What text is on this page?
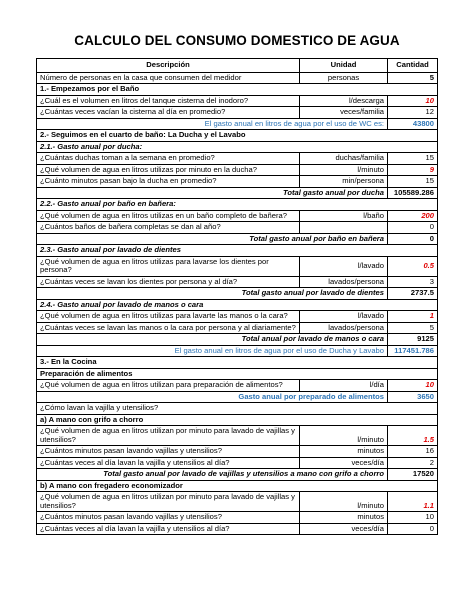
CALCULO DEL CONSUMO DOMESTICO DE AGUA
Descripción	Unidad	Cantidad
Número de personas en la casa que consumen del medidor	personas	5
1.- Empezamos por el Baño		
¿Cuál es el volumen en litros del tanque cisterna del inodoro?	l/descarga	10
¿Cuántas veces vacían la cisterna al día en promedio?	veces/familia	12
El gasto anual en litros de agua por el uso de WC es:		43800
2.- Seguimos en el cuarto de baño: La Ducha y el Lavabo		
2.1.- Gasto anual por ducha:		
¿Cuántas duchas toman a la semana en promedio?	duchas/familia	15
¿Qué volumen de agua en litros utilizas por minuto en la ducha?	l/minuto	9
¿Cuánto minutos pasan bajo la ducha en promedio?	min/persona	15
Total gasto anual por ducha		105589.286
2.2.- Gasto anual por baño en bañera:		
¿Qué volumen de agua en litros utilizas en un baño completo de bañera?	l/baño	200
¿Cuántos baños de bañera completas se dan al año?		0
Total gasto anual por baño en bañera		0
2.3.- Gasto anual por lavado de dientes		
¿Qué volumen de agua en litros utilizas para lavarse los dientes por persona?	l/lavado	0.5
¿Cuántas veces se lavan los dientes por persona y al día?	lavados/persona	3
Total gasto anual por lavado de dientes		2737.5
2.4.- Gasto anual por lavado de manos o cara		
¿Qué volumen de agua en litros utilizas para lavarte las manos o la cara?	l/lavado	1
¿Cuántas veces se lavan las manos o la cara por persona y al diariamente?	lavados/persona	5
Total anual por lavado de manos o cara		9125
El gasto anual en litros de agua por el uso de Ducha y Lavabo		117451.786
3.- En la Cocina		
Preparación de alimentos		
¿Qué volumen de agua en litros utilizan para preparación de alimentos?	l/día	10
Gasto anual por preparado de alimentos		3650
¿Cómo lavan la vajilla y utensilios?		
a) A mano con grifo a chorro		
¿Qué volumen de agua en litros utilizan por minuto para lavado de vajillas y utensilios?	l/minuto	1.5
¿Cuántos minutos pasan lavando vajillas y utensilios?	minutos	16
¿Cuántas veces al día lavan la vajilla y utensilios al día?	veces/día	2
Total gasto anual por lavado de vajillas y utensilios a mano con grifo a chorro		17520
b) A mano con fregadero economizador		
¿Qué volumen de agua en litros utilizan por minuto para lavado de vajillas y utensilios?	l/minuto	1.1
¿Cuántos minutos pasan lavando vajillas y utensilios?	minutos	10
¿Cuántas veces al día lavan la vajilla y utensilios al día?	veces/día	0
